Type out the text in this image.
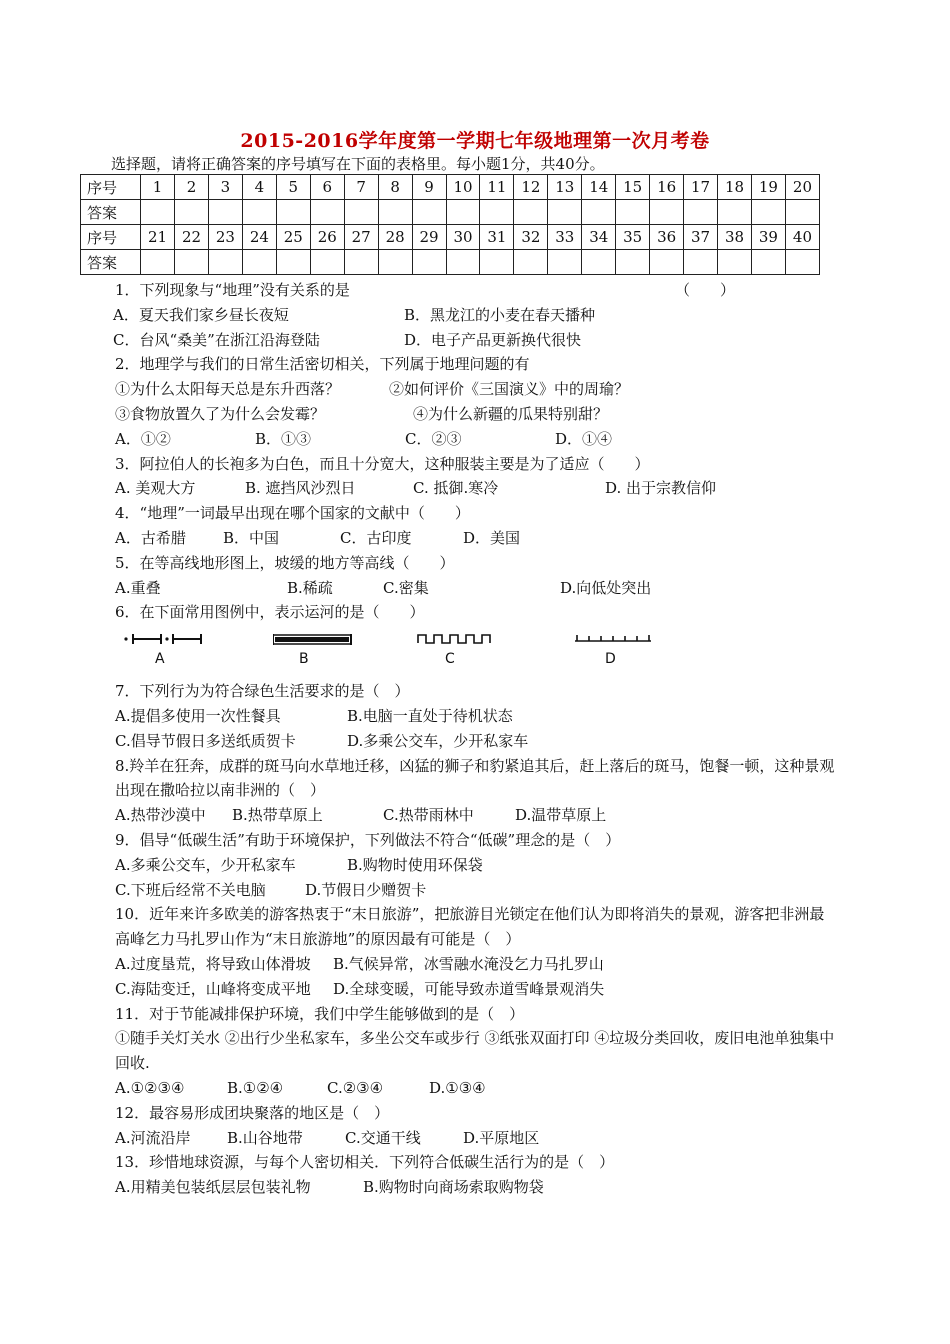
2015-2016学年度第一学期七年级地理第一次月考卷
选择题，请将正确答案的序号填写在下面的表格里。每小题1分，共40分。
序号	1	2	3	4	5	6	7	8	9	10	11	12	13	14	15	16	17	18	19	20
答案																				
序号	21	22	23	24	25	26	27	28	29	30	31	32	33	34	35	36	37	38	39	40
答案																				
1．下列现象与“地理”没有关系的是	（　　）
A．夏天我们家乡昼长夜短	B．黑龙江的小麦在春天播种
C．台风“桑美”在浙江沿海登陆	D．电子产品更新换代很快
2．地理学与我们的日常生活密切相关，下列属于地理问题的有
①为什么太阳每天总是东升西落？	②如何评价《三国演义》中的周瑜？
③食物放置久了为什么会发霉？	④为什么新疆的瓜果特别甜？
A．①②	B．①③	C．②③	D．①④
3．阿拉伯人的长袍多为白色，而且十分宽大，这种服装主要是为了适应（　　）
A. 美观大方	B. 遮挡风沙烈日	C. 抵御.寒冷	D. 出于宗教信仰
4．“地理”一词最早出现在哪个国家的文献中（　　）
A．古希腊 B．中国	C．古印度	D．美国
5．在等高线地形图上，坡缓的地方等高线（　　）
A.重叠	B.稀疏	C.密集	D.向低处突出
6．在下面常用图例中，表示运河的是（　　）
A	B	C	D
7．下列行为为符合绿色生活要求的是（　）
A.提倡多使用一次性餐具	B.电脑一直处于待机状态
C.倡导节假日多送纸质贺卡	D.多乘公交车，少开私家车
8.羚羊在狂奔，成群的斑马向水草地迁移，凶猛的狮子和豹紧追其后，赶上落后的斑马，饱餐一顿，这种景观出现在撒哈拉以南非洲的（　）
A.热带沙漠中 B.热带草原上	C.热带雨林中	D.温带草原上
9．倡导“低碳生活”有助于环境保护，下列做法不符合“低碳”理念的是（　）
A.多乘公交车，少开私家车	B.购物时使用环保袋
C.下班后经常不关电脑	D.节假日少赠贺卡
10．近年来许多欧美的游客热衷于“末日旅游”，把旅游目光锁定在他们认为即将消失的景观，游客把非洲最高峰乞力马扎罗山作为“末日旅游地”的原因最有可能是（　）
A.过度垦荒，将导致山体滑坡 B.气候异常，冰雪融水淹没乞力马扎罗山
C.海陆变迁，山峰将变成平地 D.全球变暖，可能导致赤道雪峰景观消失
11．对于节能减排保护环境，我们中学生能够做到的是（　）
①随手关灯关水 ②出行少坐私家车，多坐公交车或步行 ③纸张双面打印 ④垃圾分类回收，废旧电池单独集中回收.
A.①②③④	B.①②④	C.②③④	D.①③④
12．最容易形成团块聚落的地区是（　）
A.河流沿岸 B.山谷地带	C.交通干线	D.平原地区
13．珍惜地球资源，与每个人密切相关．下列符合低碳生活行为的是（　）
A.用精美包装纸层层包装礼物	B.购物时向商场索取购物袋
